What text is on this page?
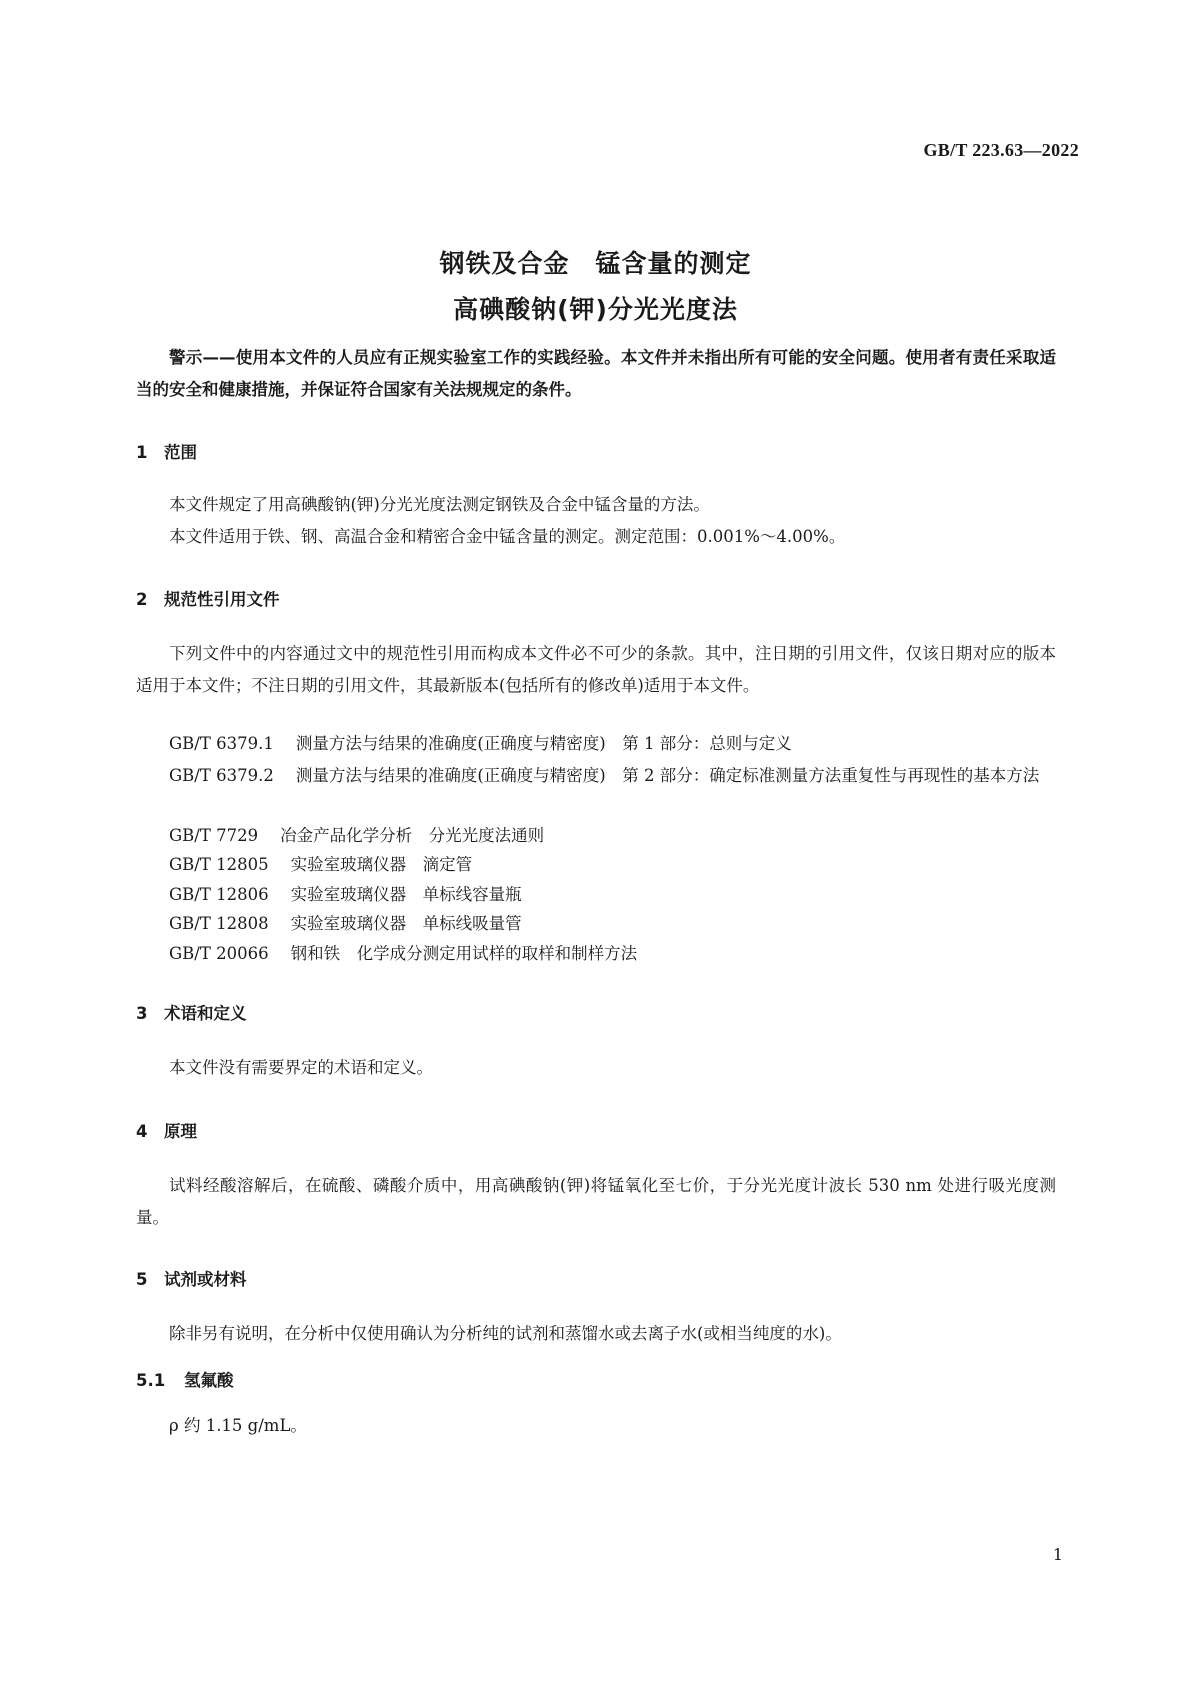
GB/T 223.63—2022
钢铁及合金　锰含量的测定
高碘酸钠(钾)分光光度法
警示——使用本文件的人员应有正规实验室工作的实践经验。本文件并未指出所有可能的安全问题。使用者有责任采取适当的安全和健康措施，并保证符合国家有关法规规定的条件。
1 范围
本文件规定了用高碘酸钠(钾)分光光度法测定钢铁及合金中锰含量的方法。
本文件适用于铁、钢、高温合金和精密合金中锰含量的测定。测定范围：0.001%～4.00%。
2 规范性引用文件
下列文件中的内容通过文中的规范性引用而构成本文件必不可少的条款。其中，注日期的引用文件，仅该日期对应的版本适用于本文件；不注日期的引用文件，其最新版本(包括所有的修改单)适用于本文件。
GB/T 6379.1 测量方法与结果的准确度(正确度与精密度)　第 1 部分：总则与定义
GB/T 6379.2 测量方法与结果的准确度(正确度与精密度)　第 2 部分：确定标准测量方法重复性与再现性的基本方法
GB/T 7729 冶金产品化学分析　分光光度法通则
GB/T 12805 实验室玻璃仪器　滴定管
GB/T 12806 实验室玻璃仪器　单标线容量瓶
GB/T 12808 实验室玻璃仪器　单标线吸量管
GB/T 20066 钢和铁　化学成分测定用试样的取样和制样方法
3 术语和定义
本文件没有需要界定的术语和定义。
4 原理
试料经酸溶解后，在硫酸、磷酸介质中，用高碘酸钠(钾)将锰氧化至七价，于分光光度计波长 530 nm 处进行吸光度测量。
5 试剂或材料
除非另有说明，在分析中仅使用确认为分析纯的试剂和蒸馏水或去离子水(或相当纯度的水)。
5.1 氢氟酸
ρ 约 1.15 g/mL。
1
